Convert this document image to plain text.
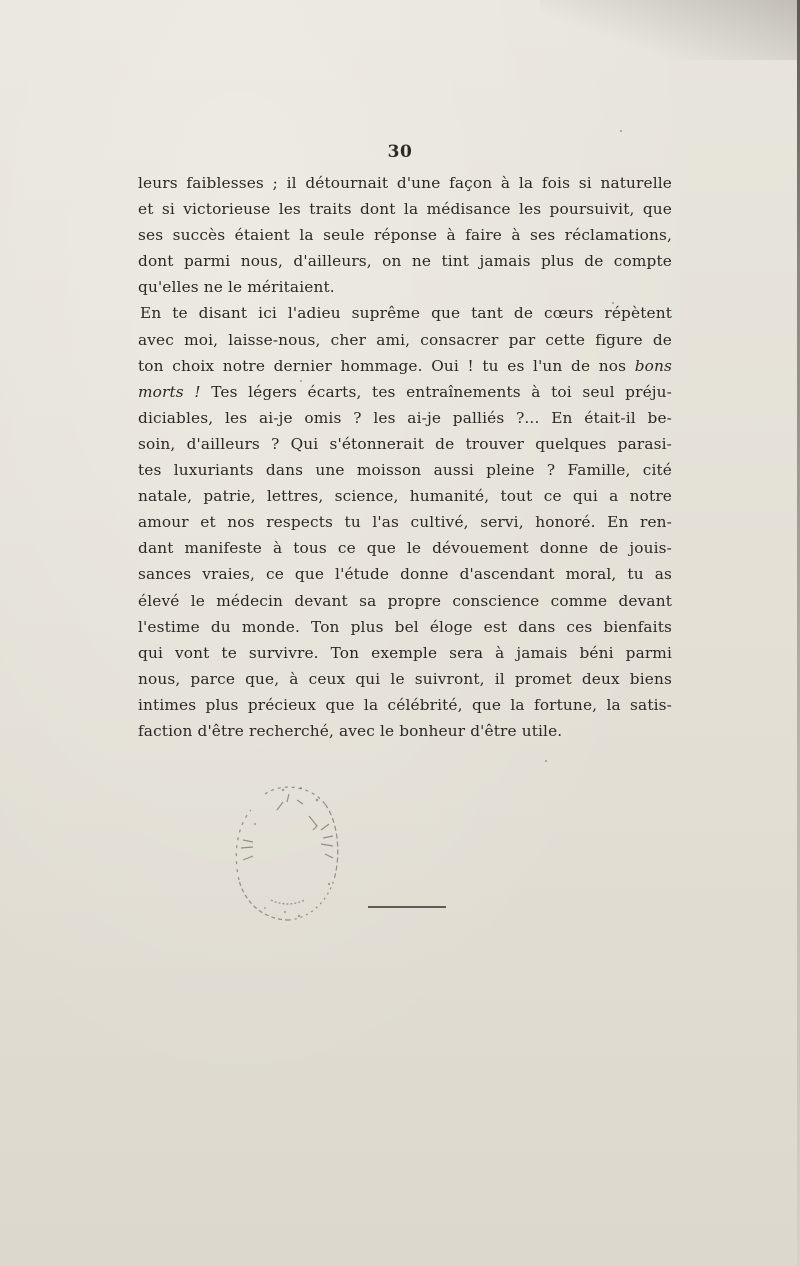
30
leurs faiblesses ; il détournait d'une façon à la fois si naturelle
et si victorieuse les traits dont la médisance les poursuivit, que
ses succès étaient la seule réponse à faire à ses réclamations,
dont parmi nous, d'ailleurs, on ne tint jamais plus de compte
qu'elles ne le méritaient.
En te disant ici l'adieu suprême que tant de cœurs répètent
avec moi, laisse-nous, cher ami, consacrer par cette figure de
ton choix notre dernier hommage. Oui ! tu es l'un de nos bons
morts ! Tes légers écarts, tes entraînements à toi seul préju-
diciables, les ai-je omis ? les ai-je palliés ?... En était-il be-
soin, d'ailleurs ? Qui s'étonnerait de trouver quelques parasi-
tes luxuriants dans une moisson aussi pleine ? Famille, cité
natale, patrie, lettres, science, humanité, tout ce qui a notre
amour et nos respects tu l'as cultivé, servi, honoré. En ren-
dant manifeste à tous ce que le dévouement donne de jouis-
sances vraies, ce que l'étude donne d'ascendant moral, tu as
élevé le médecin devant sa propre conscience comme devant
l'estime du monde. Ton plus bel éloge est dans ces bienfaits
qui vont te survivre. Ton exemple sera à jamais béni parmi
nous, parce que, à ceux qui le suivront, il promet deux biens
intimes plus précieux que la célébrité, que la fortune, la satis-
faction d'être recherché, avec le bonheur d'être utile.
